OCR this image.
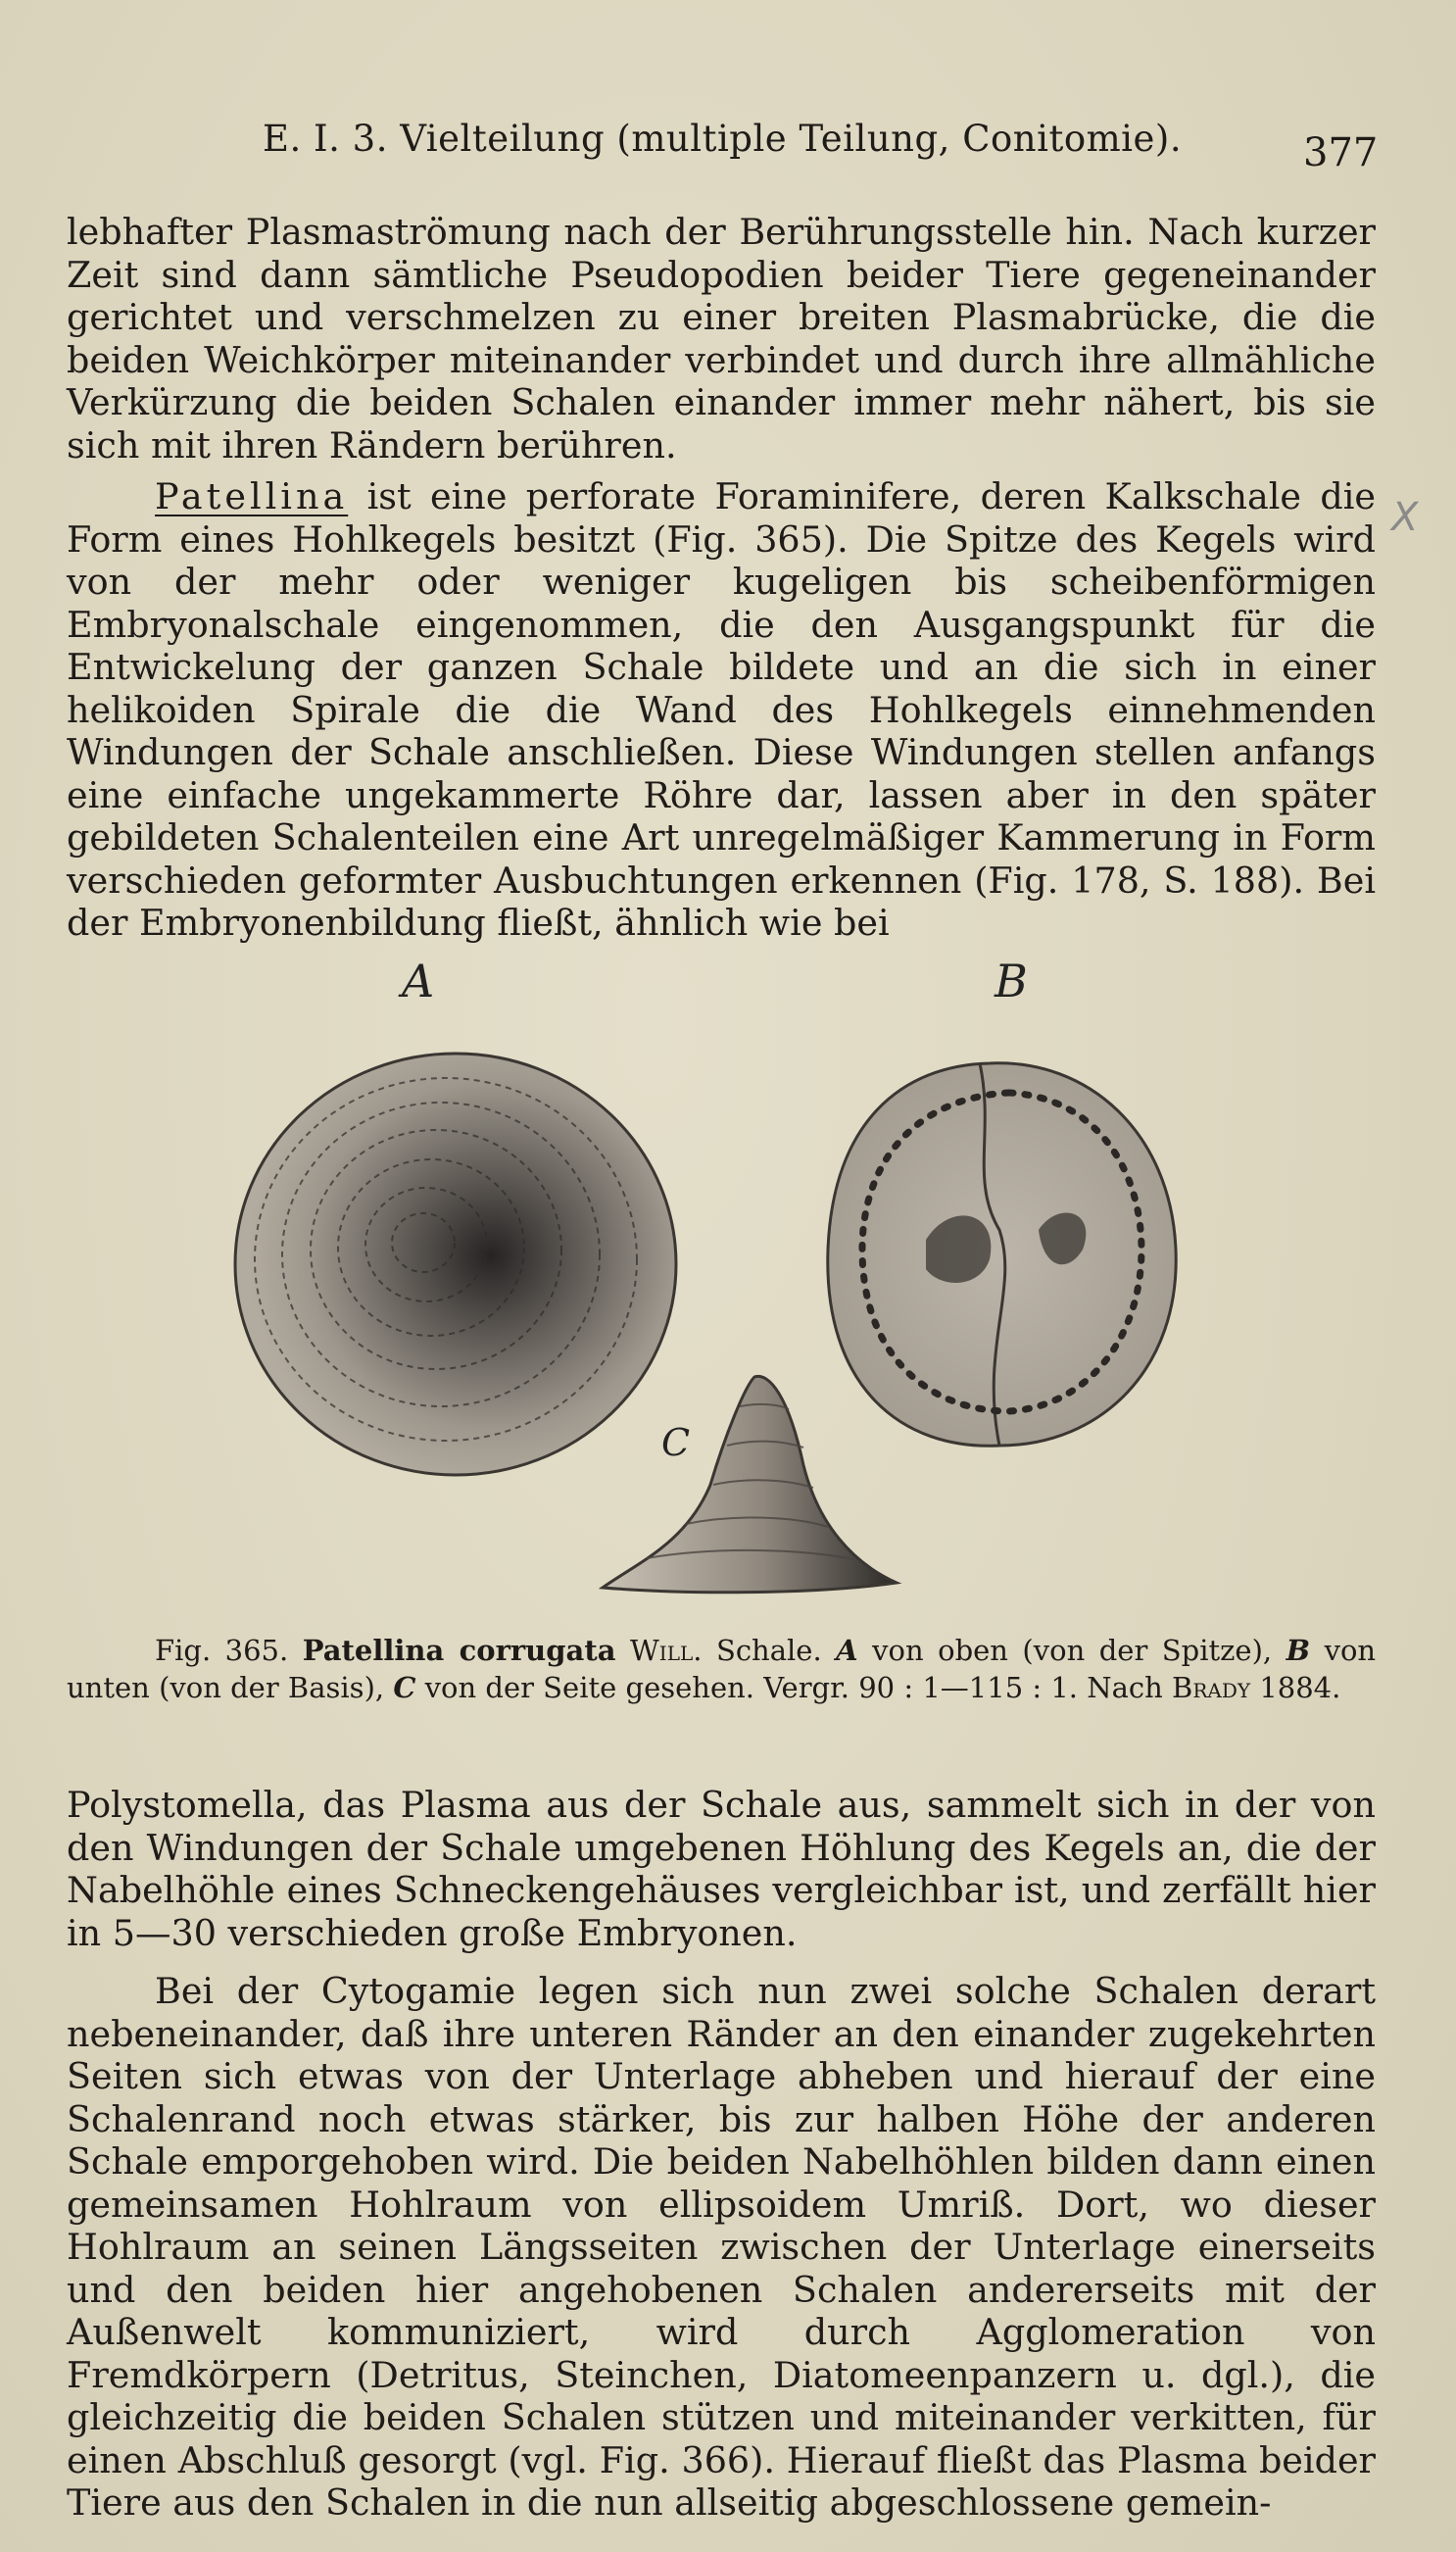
E. I. 3. Vielteilung (multiple Teilung, Conitomie).	377

lebhafter Plasmaströmung nach der Berührungsstelle hin. Nach kurzer Zeit sind dann sämtliche Pseudopodien beider Tiere gegeneinander gerichtet und verschmelzen zu einer breiten Plasmabrücke, die die beiden Weichkörper miteinander verbindet und durch ihre allmähliche Verkürzung die beiden Schalen einander immer mehr nähert, bis sie sich mit ihren Rändern berühren.

Patellina ist eine perforate Foraminifere, deren Kalkschale die Form eines Hohlkegels besitzt (Fig. 365). Die Spitze des Kegels wird von der mehr oder weniger kugeligen bis scheibenförmigen Embryonalschale eingenommen, die den Ausgangspunkt für die Entwickelung der ganzen Schale bildete und an die sich in einer helikoiden Spirale die die Wand des Hohlkegels einnehmenden Windungen der Schale anschließen. Diese Windungen stellen anfangs eine einfache ungekammerte Röhre dar, lassen aber in den später gebildeten Schalenteilen eine Art unregelmäßiger Kammerung in Form verschieden geformter Ausbuchtungen erkennen (Fig. 178, S. 188). Bei der Embryonenbildung fließt, ähnlich wie bei

X
A	B
C
Fig. 365. Patellina corrugata Will. Schale. A von oben (von der Spitze), B von unten (von der Basis), C von der Seite gesehen. Vergr. 90 : 1—115 : 1. Nach Brady 1884.

Polystomella, das Plasma aus der Schale aus, sammelt sich in der von den Windungen der Schale umgebenen Höhlung des Kegels an, die der Nabelhöhle eines Schneckengehäuses vergleichbar ist, und zerfällt hier in 5—30 verschieden große Embryonen.

Bei der Cytogamie legen sich nun zwei solche Schalen derart nebeneinander, daß ihre unteren Ränder an den einander zugekehrten Seiten sich etwas von der Unterlage abheben und hierauf der eine Schalenrand noch etwas stärker, bis zur halben Höhe der anderen Schale emporgehoben wird. Die beiden Nabelhöhlen bilden dann einen gemeinsamen Hohlraum von ellipsoidem Umriß. Dort, wo dieser Hohlraum an seinen Längsseiten zwischen der Unterlage einerseits und den beiden hier angehobenen Schalen andererseits mit der Außenwelt kommuniziert, wird durch Agglomeration von Fremdkörpern (Detritus, Steinchen, Diatomeenpanzern u. dgl.), die gleichzeitig die beiden Schalen stützen und miteinander verkitten, für einen Abschluß gesorgt (vgl. Fig. 366). Hierauf fließt das Plasma beider Tiere aus den Schalen in die nun allseitig abgeschlossene gemein-
